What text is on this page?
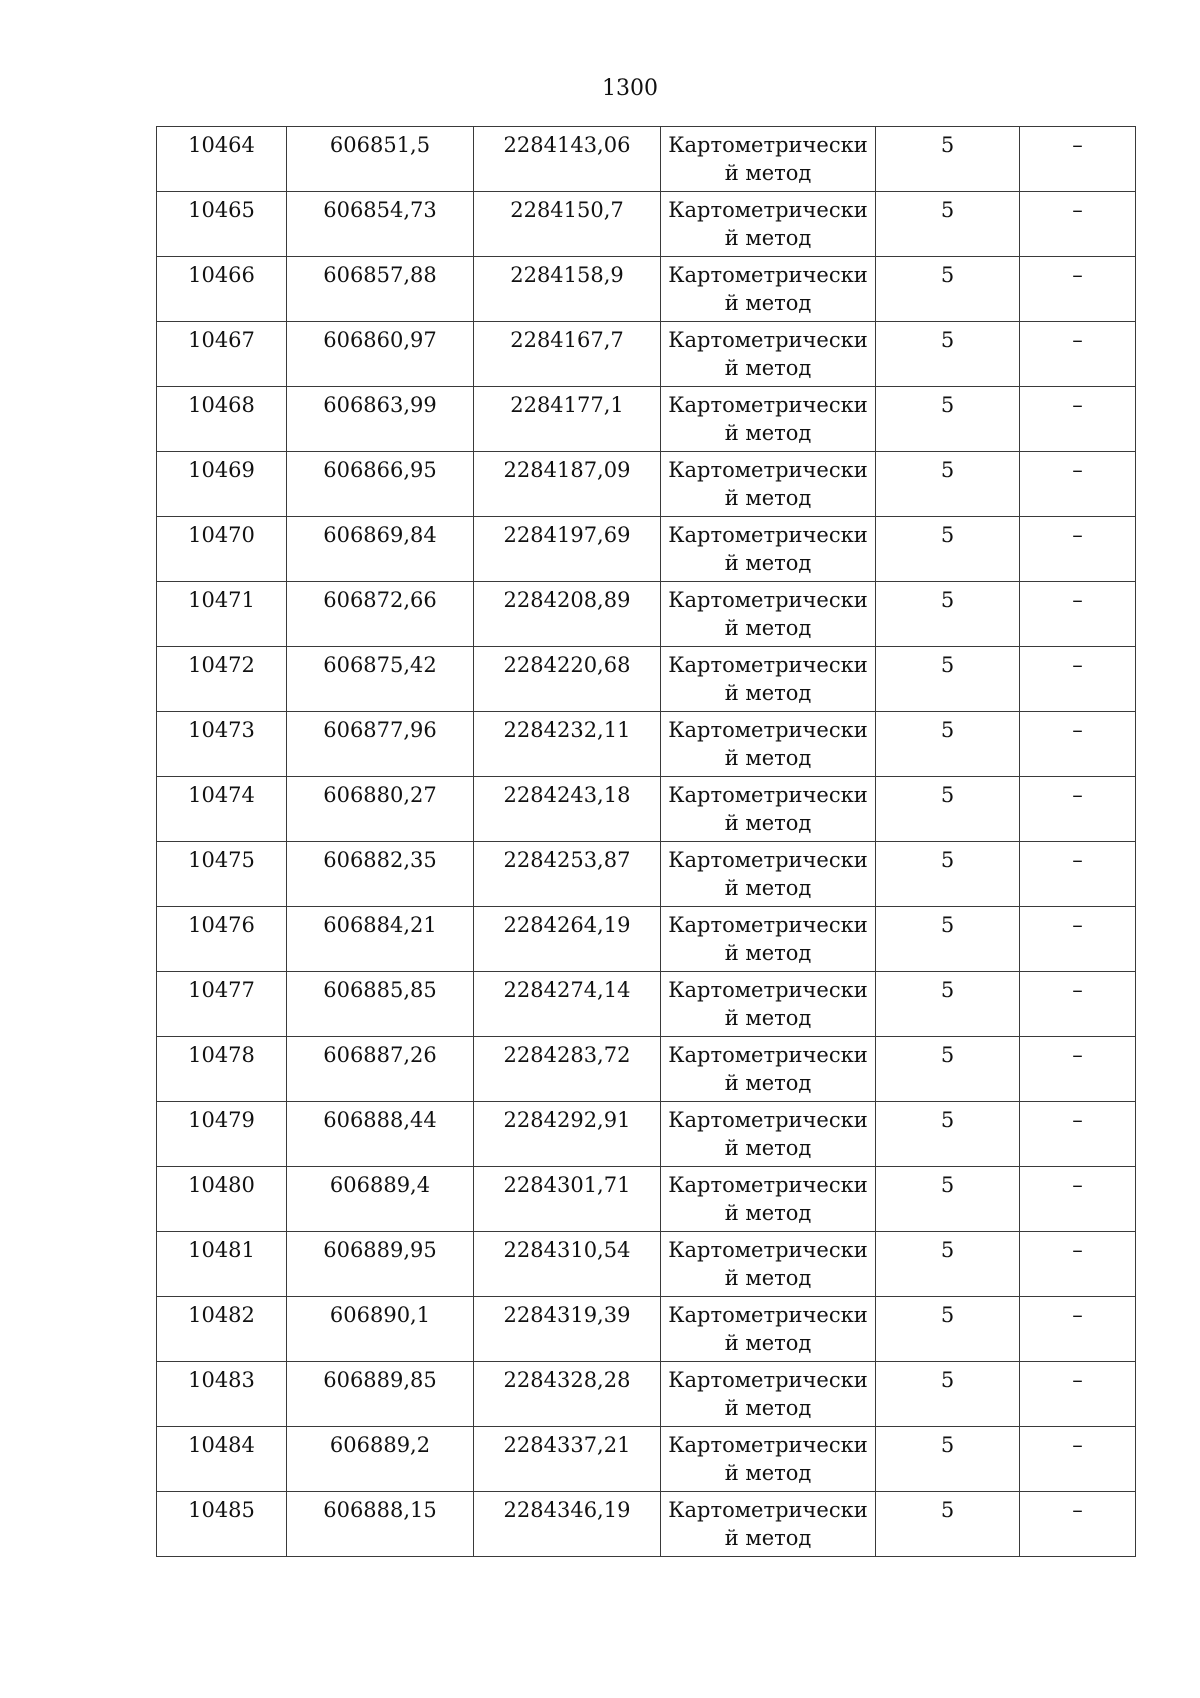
1300
10464	606851,5	2284143,06	Картометрический метод	5	–
10465	606854,73	2284150,7	Картометрический метод	5	–
10466	606857,88	2284158,9	Картометрический метод	5	–
10467	606860,97	2284167,7	Картометрический метод	5	–
10468	606863,99	2284177,1	Картометрический метод	5	–
10469	606866,95	2284187,09	Картометрический метод	5	–
10470	606869,84	2284197,69	Картометрический метод	5	–
10471	606872,66	2284208,89	Картометрический метод	5	–
10472	606875,42	2284220,68	Картометрический метод	5	–
10473	606877,96	2284232,11	Картометрический метод	5	–
10474	606880,27	2284243,18	Картометрический метод	5	–
10475	606882,35	2284253,87	Картометрический метод	5	–
10476	606884,21	2284264,19	Картометрический метод	5	–
10477	606885,85	2284274,14	Картометрический метод	5	–
10478	606887,26	2284283,72	Картометрический метод	5	–
10479	606888,44	2284292,91	Картометрический метод	5	–
10480	606889,4	2284301,71	Картометрический метод	5	–
10481	606889,95	2284310,54	Картометрический метод	5	–
10482	606890,1	2284319,39	Картометрический метод	5	–
10483	606889,85	2284328,28	Картометрический метод	5	–
10484	606889,2	2284337,21	Картометрический метод	5	–
10485	606888,15	2284346,19	Картометрический метод	5	–
